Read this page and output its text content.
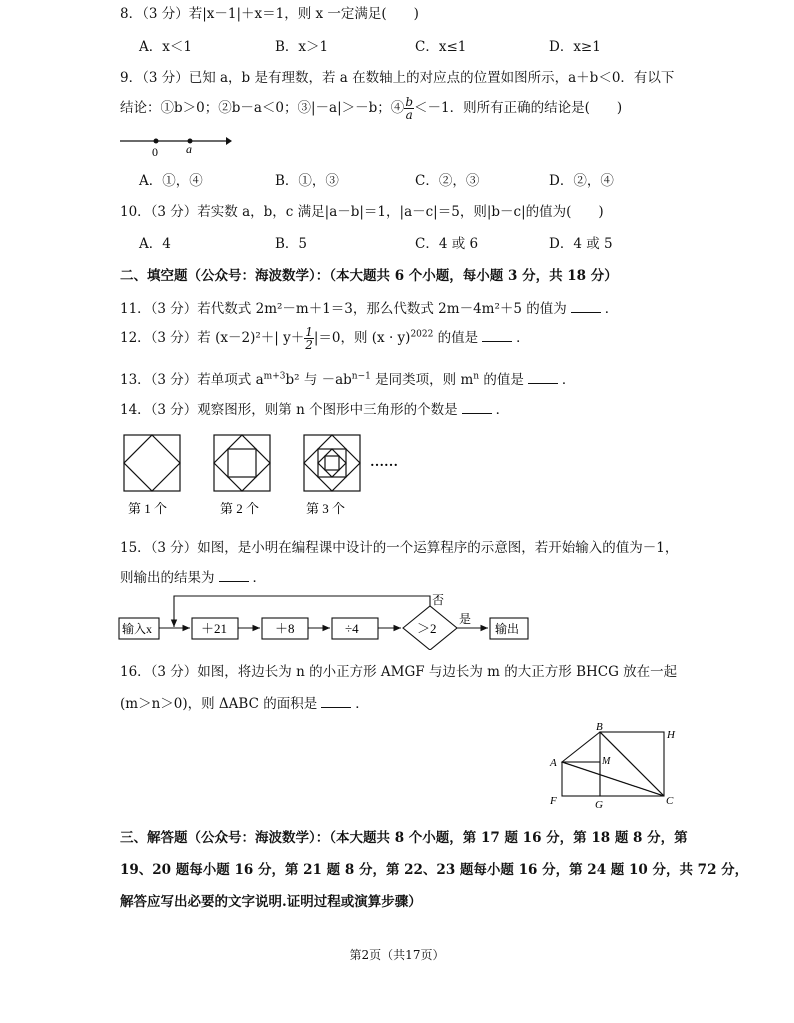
8．（3 分）若|x－1|＋x＝1，则 x 一定满足(　　)
A．x＜1	B．x＞1	C．x≤1	D．x≥1
9．（3 分）已知 a，b 是有理数，若 a 在数轴上的对应点的位置如图所示，a＋b＜0．有以下
结论：①b＞0；②b－a＜0；③|－a|＞－b；④ $\frac{b}{a} <-1$．则所有正确的结论是(　　)
0 a
A．①，④	B．①，③	C．②，③	D．②，④
10．（3 分）若实数 a，b，c 满足|a－b|＝1，|a－c|＝5，则|b－c|的值为(　　)
A．4	B．5	C．4 或 6	D．4 或 5
二、填空题（公众号：海波数学）：（本大题共 6 个小题，每小题 3 分，共 18 分）
11．（3 分）若代数式 2m²－m＋1＝3，那么代数式 2m－4m²＋5 的值为	．
12．（3 分）若 (x－2)²＋| $y+ \frac{1}{2} |=0$，则 $(x \cdot y)^{2022}$ 的值是	．
13．（3 分）若单项式 $a^{m+3}b^2$ 与 $-ab^{n-1}$ 是同类项，则 $m^n$ 的值是	．
14．（3 分）观察图形，则第 n 个图形中三角形的个数是	．
……
第 1 个	第 2 个	第 3 个
15．（3 分）如图，是小明在编程课中设计的一个运算程序的示意图，若开始输入的值为－1，
则输出的结果为	．
输入x	＋21	＋8	÷4	＞2
否
是
输出
16．（3 分）如图，将边长为 n 的小正方形 AMGF 与边长为 m 的大正方形 BHCG 放在一起
(m＞n＞0)，则 ΔABC 的面积是	．
B
H
A	M
F	G	C
三、解答题（公众号：海波数学）：（本大题共 8 个小题，第 17 题 16 分，第 18 题 8 分，第
19、20 题每小题 16 分，第 21 题 8 分，第 22、23 题每小题 16 分，第 24 题 10 分，共 72 分，
解答应写出必要的文字说明.证明过程或演算步骤）
第2页（共17页）
